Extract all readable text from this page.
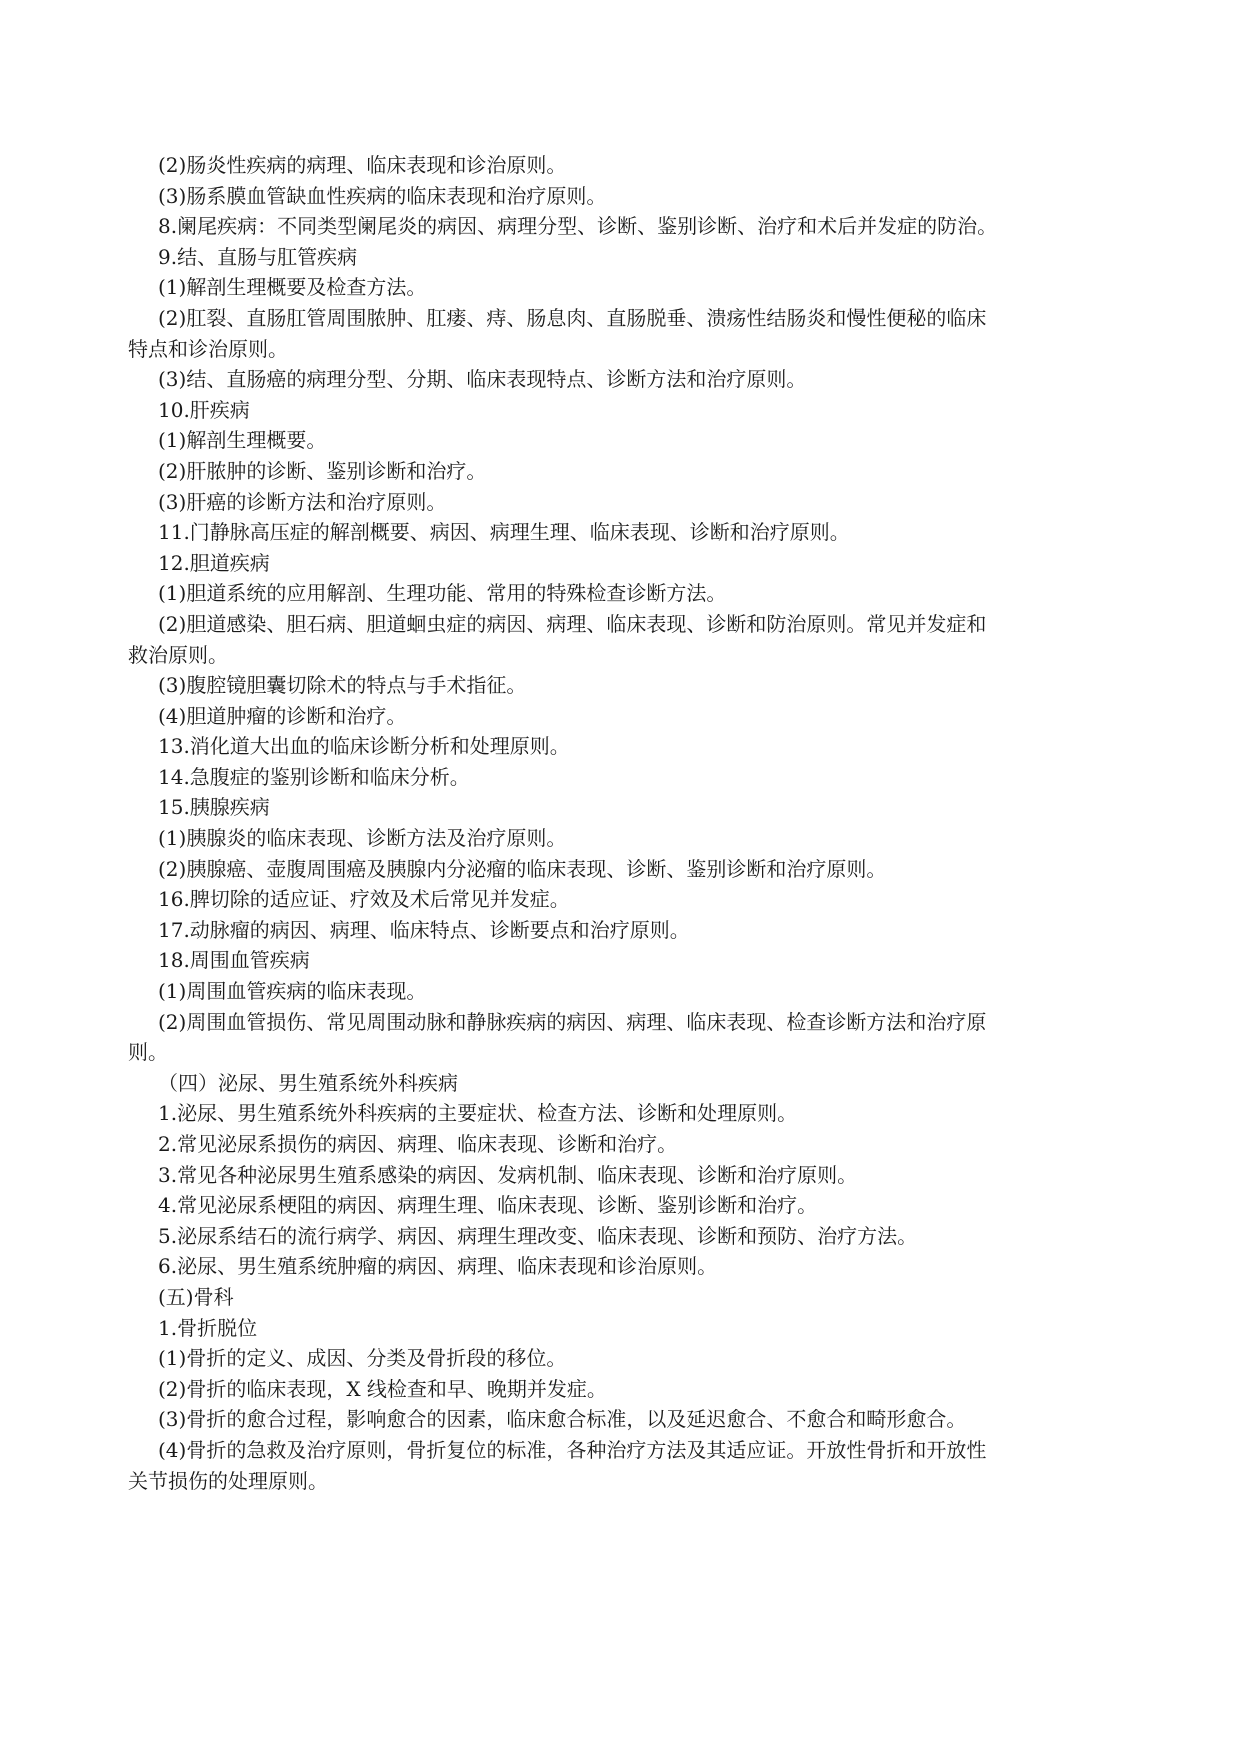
(2)肠炎性疾病的病理、临床表现和诊治原则。

(3)肠系膜血管缺血性疾病的临床表现和治疗原则。

8.阑尾疾病：不同类型阑尾炎的病因、病理分型、诊断、鉴别诊断、治疗和术后并发症的防治。

9.结、直肠与肛管疾病

(1)解剖生理概要及检查方法。

(2)肛裂、直肠肛管周围脓肿、肛瘘、痔、肠息肉、直肠脱垂、溃疡性结肠炎和慢性便秘的临床

特点和诊治原则。

(3)结、直肠癌的病理分型、分期、临床表现特点、诊断方法和治疗原则。

10.肝疾病

(1)解剖生理概要。

(2)肝脓肿的诊断、鉴别诊断和治疗。

(3)肝癌的诊断方法和治疗原则。

11.门静脉高压症的解剖概要、病因、病理生理、临床表现、诊断和治疗原则。

12.胆道疾病

(1)胆道系统的应用解剖、生理功能、常用的特殊检查诊断方法。

(2)胆道感染、胆石病、胆道蛔虫症的病因、病理、临床表现、诊断和防治原则。常见并发症和

救治原则。

(3)腹腔镜胆囊切除术的特点与手术指征。

(4)胆道肿瘤的诊断和治疗。

13.消化道大出血的临床诊断分析和处理原则。

14.急腹症的鉴别诊断和临床分析。

15.胰腺疾病

(1)胰腺炎的临床表现、诊断方法及治疗原则。

(2)胰腺癌、壶腹周围癌及胰腺内分泌瘤的临床表现、诊断、鉴别诊断和治疗原则。

16.脾切除的适应证、疗效及术后常见并发症。

17.动脉瘤的病因、病理、临床特点、诊断要点和治疗原则。

18.周围血管疾病

(1)周围血管疾病的临床表现。

(2)周围血管损伤、常见周围动脉和静脉疾病的病因、病理、临床表现、检查诊断方法和治疗原

则。

（四）泌尿、男生殖系统外科疾病

1.泌尿、男生殖系统外科疾病的主要症状、检查方法、诊断和处理原则。

2.常见泌尿系损伤的病因、病理、临床表现、诊断和治疗。

3.常见各种泌尿男生殖系感染的病因、发病机制、临床表现、诊断和治疗原则。

4.常见泌尿系梗阻的病因、病理生理、临床表现、诊断、鉴别诊断和治疗。

5.泌尿系结石的流行病学、病因、病理生理改变、临床表现、诊断和预防、治疗方法。

6.泌尿、男生殖系统肿瘤的病因、病理、临床表现和诊治原则。

(五)骨科

1.骨折脱位

(1)骨折的定义、成因、分类及骨折段的移位。

(2)骨折的临床表现，X 线检查和早、晚期并发症。

(3)骨折的愈合过程，影响愈合的因素，临床愈合标准，以及延迟愈合、不愈合和畸形愈合。

(4)骨折的急救及治疗原则，骨折复位的标准，各种治疗方法及其适应证。开放性骨折和开放性

关节损伤的处理原则。
